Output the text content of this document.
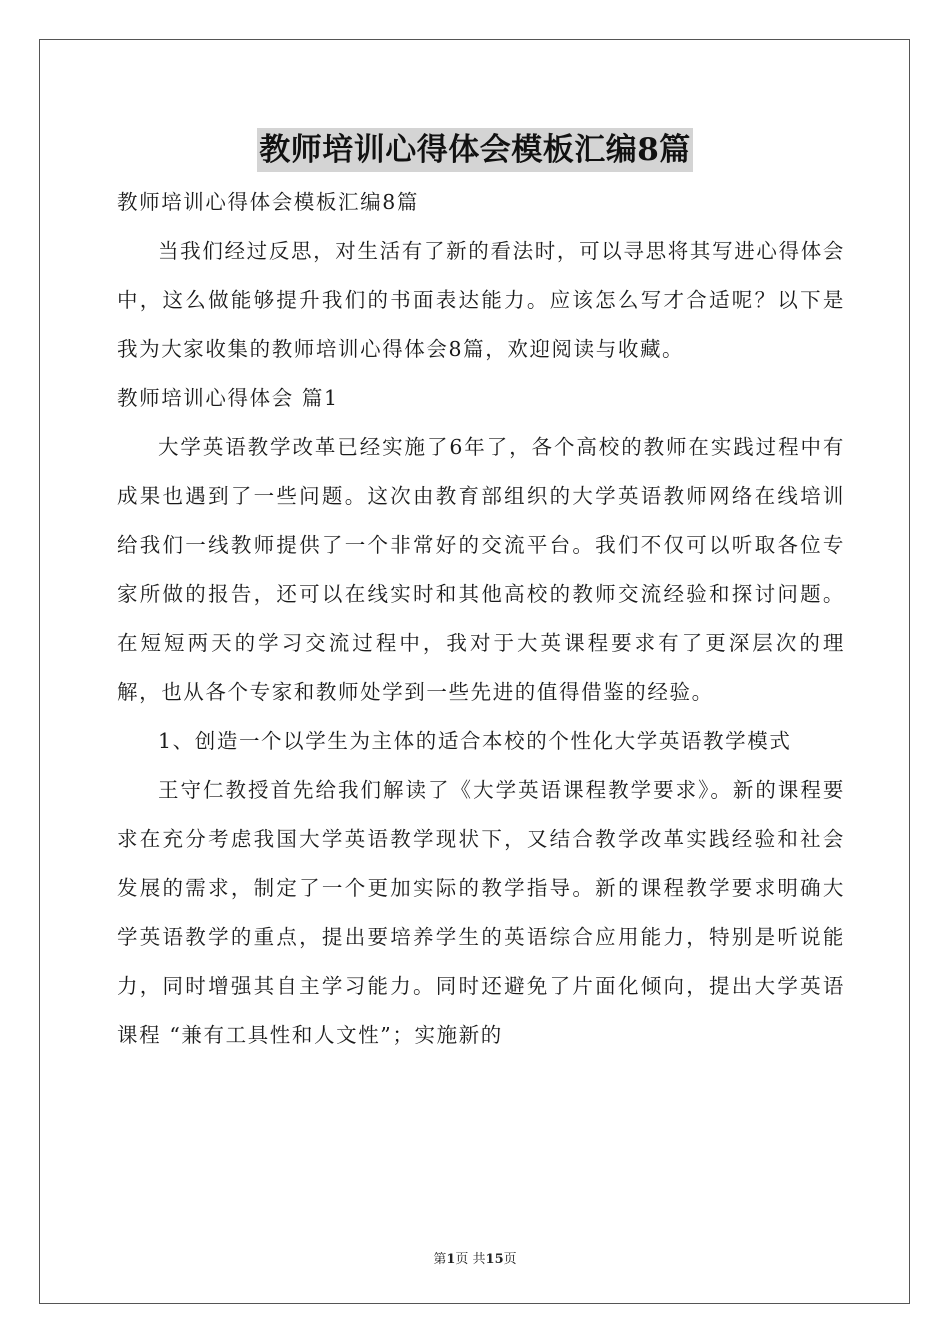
教师培训心得体会模板汇编8篇

教师培训心得体会模板汇编8篇

当我们经过反思，对生活有了新的看法时，可以寻思将其写进心得体会中，这么做能够提升我们的书面表达能力。应该怎么写才合适呢？以下是我为大家收集的教师培训心得体会8篇，欢迎阅读与收藏。

教师培训心得体会 篇1

大学英语教学改革已经实施了6年了，各个高校的教师在实践过程中有成果也遇到了一些问题。这次由教育部组织的大学英语教师网络在线培训给我们一线教师提供了一个非常好的交流平台。我们不仅可以听取各位专家所做的报告，还可以在线实时和其他高校的教师交流经验和探讨问题。在短短两天的学习交流过程中，我对于大英课程要求有了更深层次的理解，也从各个专家和教师处学到一些先进的值得借鉴的经验。

1、创造一个以学生为主体的适合本校的个性化大学英语教学模式

王守仁教授首先给我们解读了《大学英语课程教学要求》。新的课程要求在充分考虑我国大学英语教学现状下，又结合教学改革实践经验和社会发展的需求，制定了一个更加实际的教学指导。新的课程教学要求明确大学英语教学的重点，提出要培养学生的英语综合应用能力，特别是听说能力，同时增强其自主学习能力。同时还避免了片面化倾向，提出大学英语课程 “兼有工具性和人文性”；实施新的

第1页 共15页
